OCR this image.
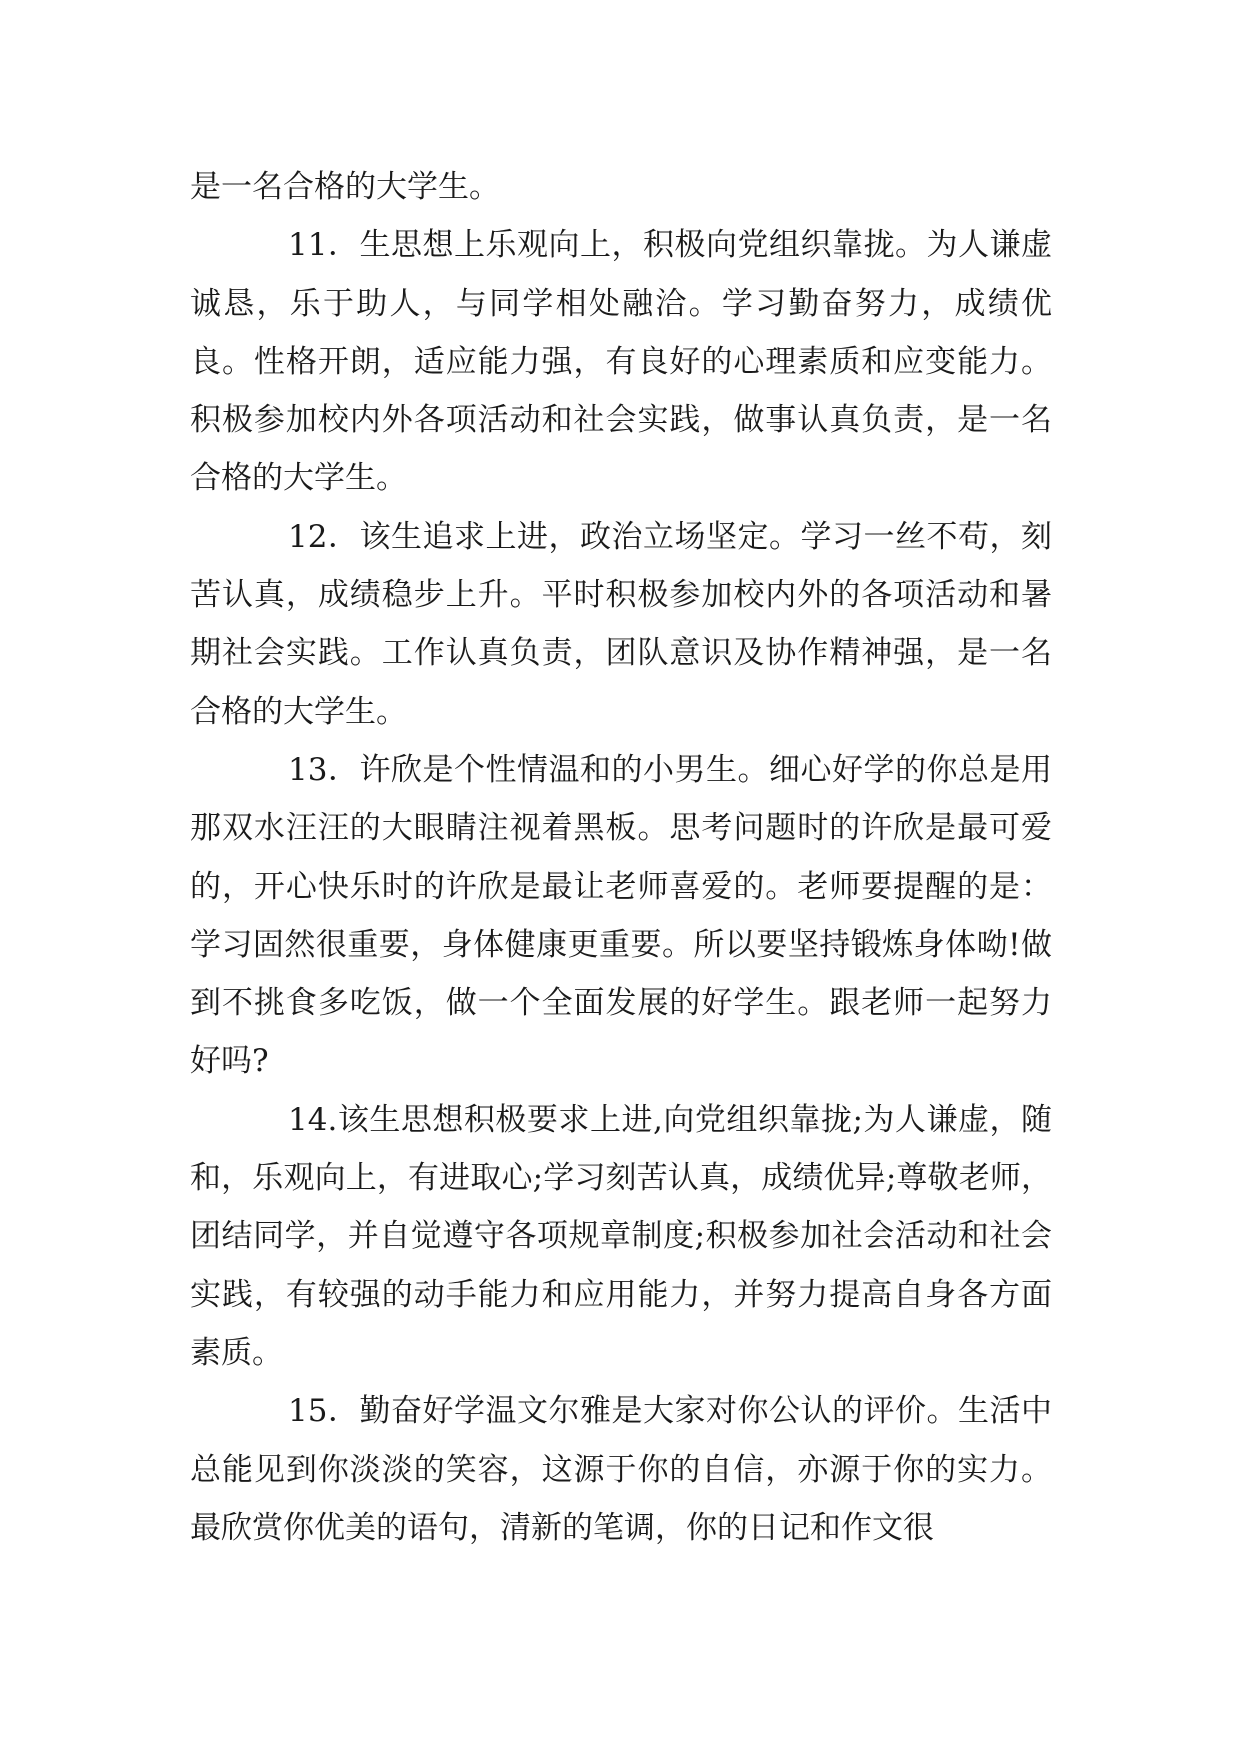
是一名合格的大学生。

11．生思想上乐观向上，积极向党组织靠拢。为人谦虚诚恳，乐于助人，与同学相处融洽。学习勤奋努力，成绩优良。性格开朗，适应能力强，有良好的心理素质和应变能力。积极参加校内外各项活动和社会实践，做事认真负责，是一名合格的大学生。

12．该生追求上进，政治立场坚定。学习一丝不苟，刻苦认真，成绩稳步上升。平时积极参加校内外的各项活动和暑期社会实践。工作认真负责，团队意识及协作精神强，是一名合格的大学生。

13．许欣是个性情温和的小男生。细心好学的你总是用那双水汪汪的大眼睛注视着黑板。思考问题时的许欣是最可爱的，开心快乐时的许欣是最让老师喜爱的。老师要提醒的是：学习固然很重要，身体健康更重要。所以要坚持锻炼身体呦!做到不挑食多吃饭，做一个全面发展的好学生。跟老师一起努力好吗?

14.该生思想积极要求上进,向党组织靠拢;为人谦虚，随和，乐观向上，有进取心;学习刻苦认真，成绩优异;尊敬老师，团结同学，并自觉遵守各项规章制度;积极参加社会活动和社会实践，有较强的动手能力和应用能力，并努力提高自身各方面素质。

15．勤奋好学温文尔雅是大家对你公认的评价。生活中总能见到你淡淡的笑容，这源于你的自信，亦源于你的实力。最欣赏你优美的语句，清新的笔调，你的日记和作文很
